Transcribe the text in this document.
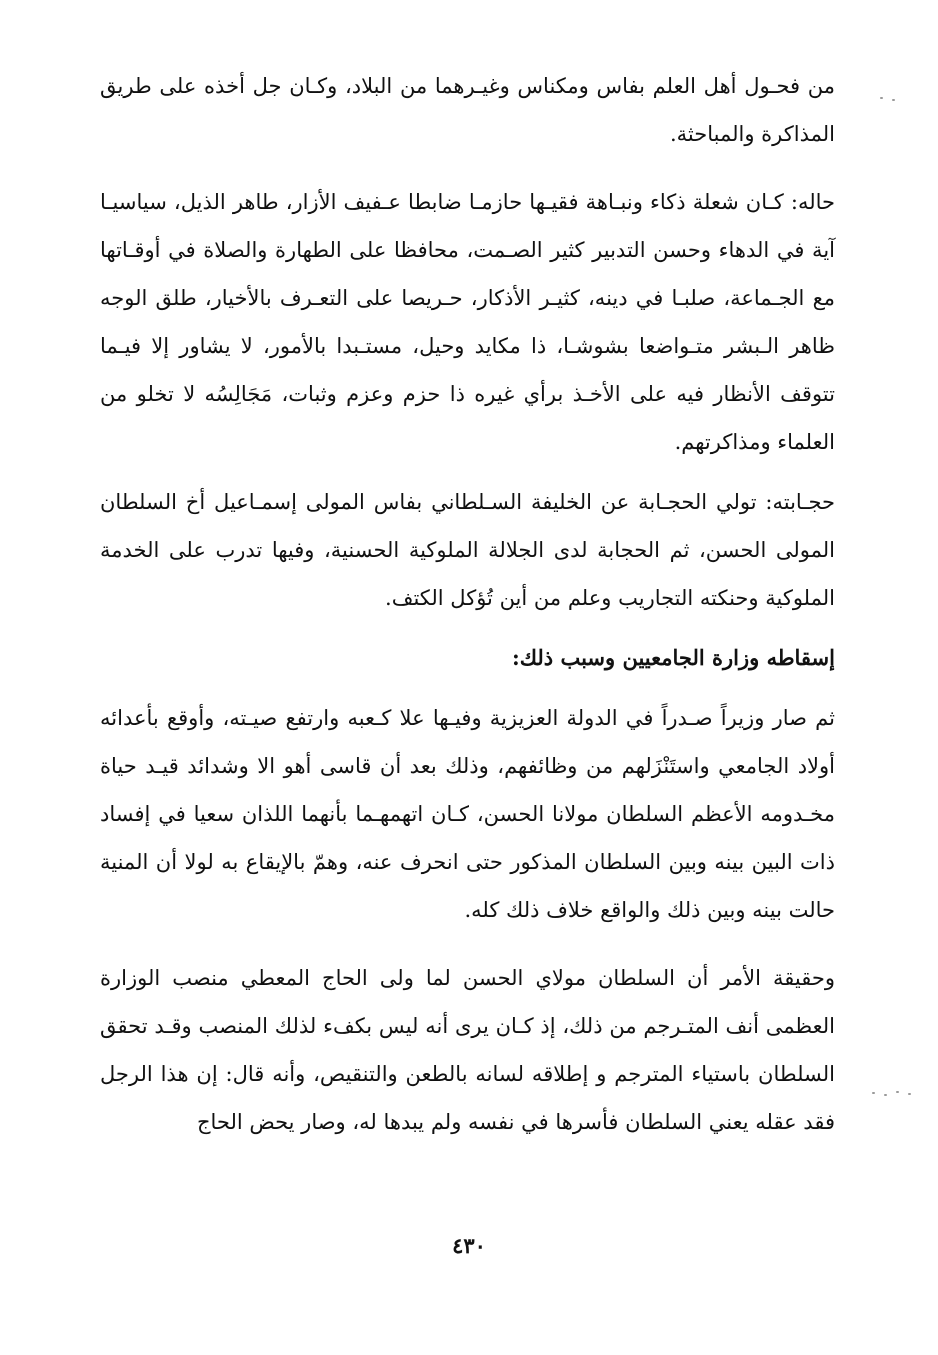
من فحـول أهل العلم بفاس ومكناس وغيـرهما من البلاد، وكـان جل أخذه على طريق المذاكرة والمباحثة.

حاله: كـان شعلة ذكاء ونبـاهة فقيـها حازمـا ضابطا عـفيف الأزار، طاهر الذيل، سياسيـا آية في الدهاء وحسن التدبير كثير الصـمت، محافظا على الطهارة والصلاة في أوقـاتها مع الجـماعة، صلبـا في دينه، كثيـر الأذكار، حـريصا على التعـرف بالأخيار، طلق الوجه ظاهر الـبشر متـواضعا بشوشـا، ذا مكايد وحيل، مستـبدا بالأمور، لا يشاور إلا فيـما تتوقف الأنظار فيه على الأخـذ برأي غيره ذا حزم وعزم وثبات، مَجَالِسُه لا تخلو من العلماء ومذاكرتهم.

حجـابته: تولي الحجـابة عن الخليفة السـلطاني بفاس المولى إسمـاعيل أخ السلطان المولى الحسن، ثم الحجابة لدى الجلالة الملوكية الحسنية، وفيها تدرب على الخدمة الملوكية وحنكته التجاريب وعلم من أين تُؤكل الكتف.

إسقاطه وزارة الجامعيين وسبب ذلك:

ثم صار وزيراً صـدراً في الدولة العزيزية وفيـها علا كـعبه وارتفع صيـته، وأوقع بأعدائه أولاد الجامعي واستَنْزَلهم من وظائفهم، وذلك بعد أن قاسى أهو الا وشدائد قيـد حياة مخـدومه الأعظم السلطان مولانا الحسن، كـان اتهمهـما بأنهما اللذان سعيا في إفساد ذات البين بينه وبين السلطان المذكور حتى انحرف عنه، وهمّ بالإيقاع به لولا أن المنية حالت بينه وبين ذلك والواقع خلاف ذلك كله.

وحقيقة الأمر أن السلطان مولاي الحسن لما ولى الحاج المعطي منصب الوزارة العظمى أنف المتـرجم من ذلك، إذ كـان يرى أنه ليس بكفء لذلك المنصب وقـد تحقق السلطان باستياء المترجم و إطلاقه لسانه بالطعن والتنقيص، وأنه قال: إن هذا الرجل فقد عقله يعني السلطان فأسرها في نفسه ولم يبدها له، وصار يحض الحاج

٤٣٠
